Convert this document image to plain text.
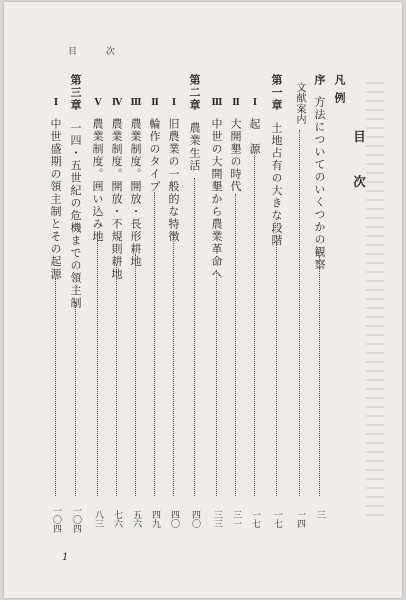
目　次
目　次
凡
例
序
方法についてのいくつかの観察
三
文献案内
一四
第一章
土地占有の大きな段階
一七
Ⅰ
起　源
一七
Ⅱ
大開墾の時代
三一
Ⅲ
中世の大開墾から農業革命へ
三三
第二章
農業生活
四〇
Ⅰ
旧農業の一般的な特徴
四〇
Ⅱ
輪作のタイプ
四九
Ⅲ
農業制度。開放・長形耕地
五六
Ⅳ
農業制度。開放・不規則耕地
七六
Ⅴ
農業制度。囲い込み地
八三
第三章
一四・五世紀の危機までの領主制
一〇四
Ⅰ
中世盛期の領主制とその起源
一〇四
1
